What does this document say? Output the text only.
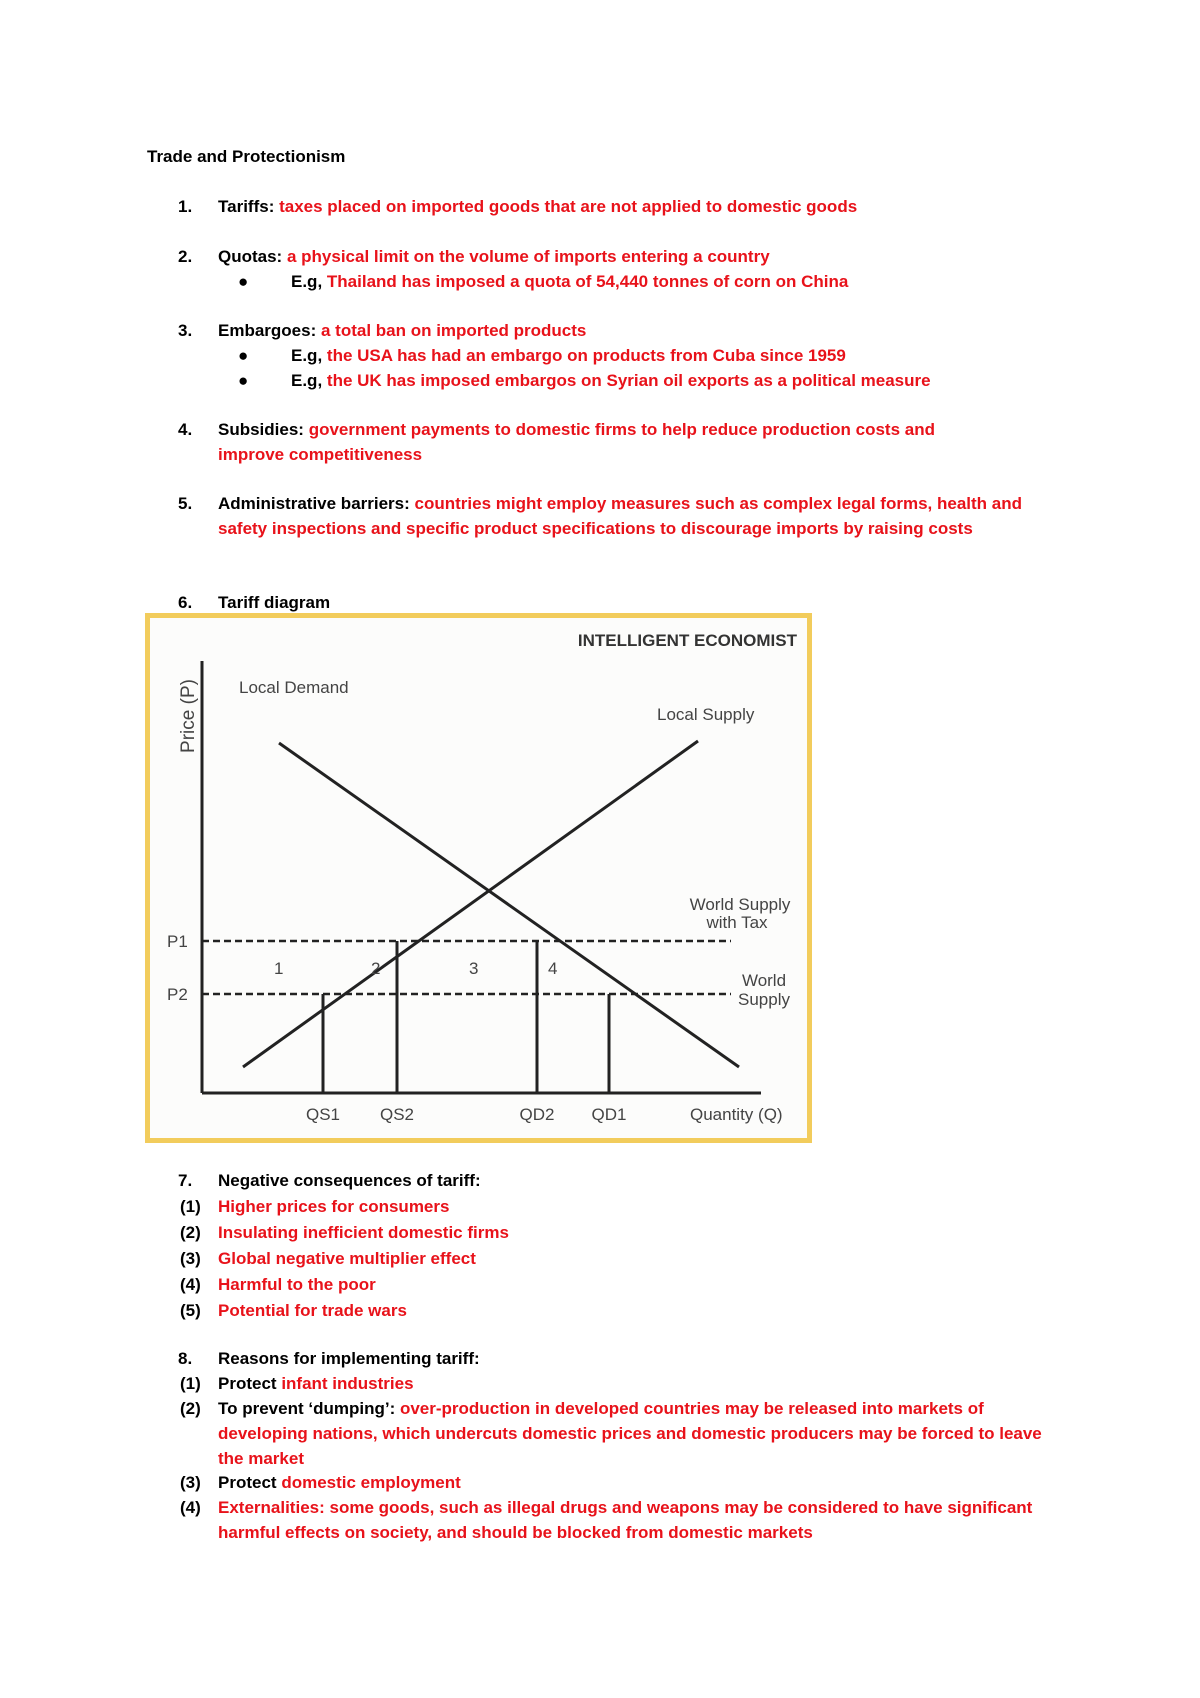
Trade and Protectionism
1.	Tariffs: taxes placed on imported goods that are not applied to domestic goods
2.	Quotas: a physical limit on the volume of imports entering a country
●	E.g, Thailand has imposed a quota of 54,440 tonnes of corn on China
3.	Embargoes: a total ban on imported products
●	E.g, the USA has had an embargo on products from Cuba since 1959
●	E.g, the UK has imposed embargos on Syrian oil exports as a political measure
4.	Subsidies: government payments to domestic firms to help reduce production costs and improve competitiveness
5.	Administrative barriers: countries might employ measures such as complex legal forms, health and safety inspections and specific product specifications to discourage imports by raising costs
6.	Tariff diagram
INTELLIGENT ECONOMIST
Price (P)
Quantity (Q)
Local Demand
Local Supply
World Supply
with Tax
World
Supply
P1
P2
1	2	3	4
QS1 QS2	QD2 QD1
7.	Negative consequences of tariff:
(1)	Higher prices for consumers
(2)	Insulating inefficient domestic firms
(3)	Global negative multiplier effect
(4)	Harmful to the poor
(5)	Potential for trade wars
8.	Reasons for implementing tariff:
(1)	Protect infant industries
(2)	To prevent ‘dumping’: over-production in developed countries may be released into markets of developing nations, which undercuts domestic prices and domestic producers may be forced to leave the market
(3)	Protect domestic employment
(4)	Externalities: some goods, such as illegal drugs and weapons may be considered to have significant harmful effects on society, and should be blocked from domestic markets
